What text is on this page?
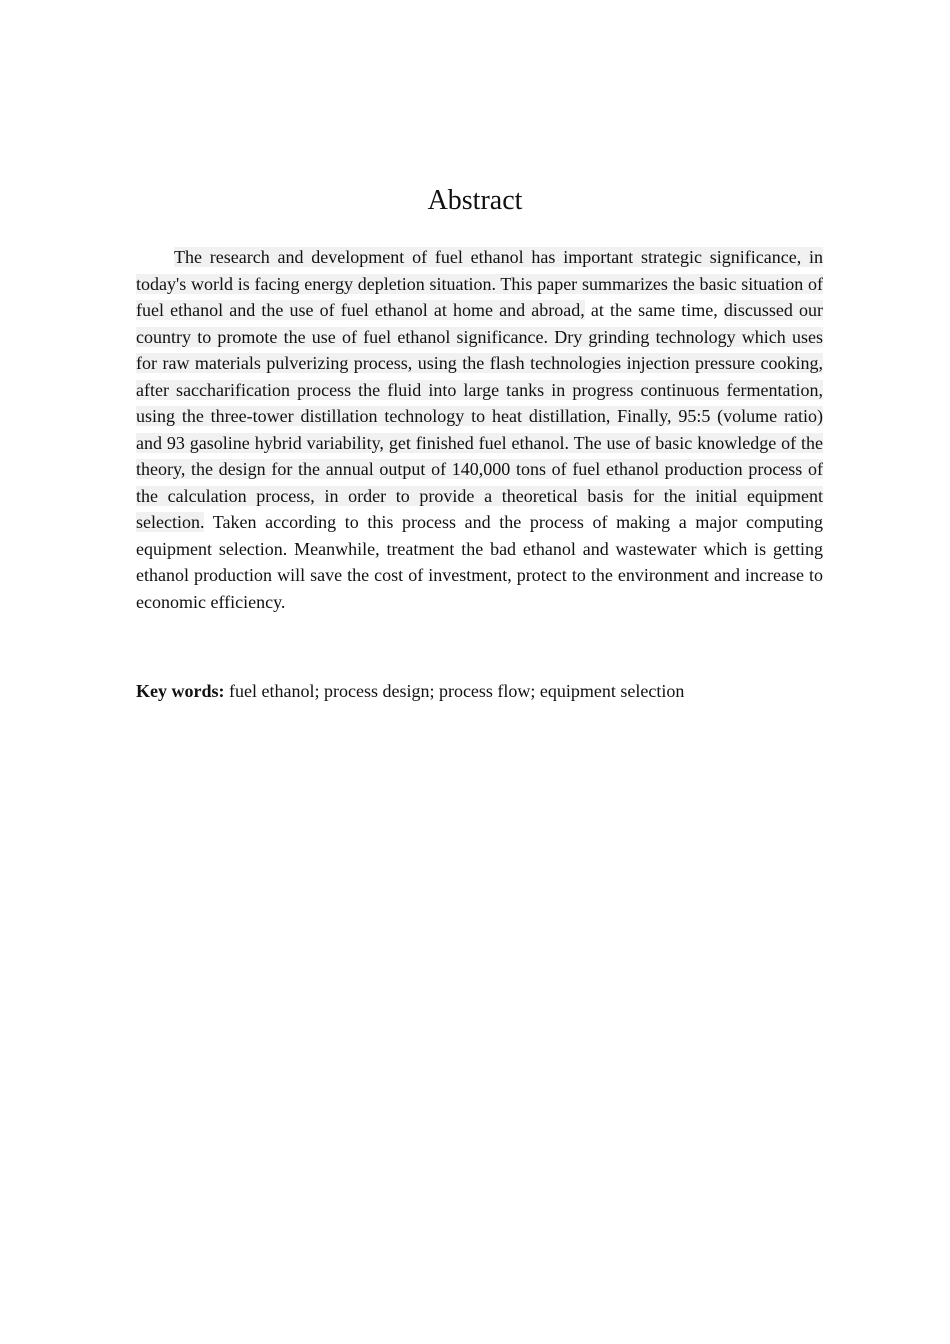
Abstract

The research and development of fuel ethanol has important strategic significance, in today's world is facing energy depletion situation. This paper summarizes the basic situation of fuel ethanol and the use of fuel ethanol at home and abroad, at the same time, discussed our country to promote the use of fuel ethanol significance. Dry grinding technology which uses for raw materials pulverizing process, using the flash technologies injection pressure cooking, after saccharification process the fluid into large tanks in progress continuous fermentation, using the three-tower distillation technology to heat distillation, Finally, 95:5 (volume ratio) and 93 gasoline hybrid variability, get finished fuel ethanol. The use of basic knowledge of the theory, the design for the annual output of 140,000 tons of fuel ethanol production process of the calculation process, in order to provide a theoretical basis for the initial equipment selection. Taken according to this process and the process of making a major computing equipment selection. Meanwhile, treatment the bad ethanol and wastewater which is getting ethanol production will save the cost of investment, protect to the environment and increase to economic efficiency.

Key words: fuel ethanol; process design; process flow; equipment selection
